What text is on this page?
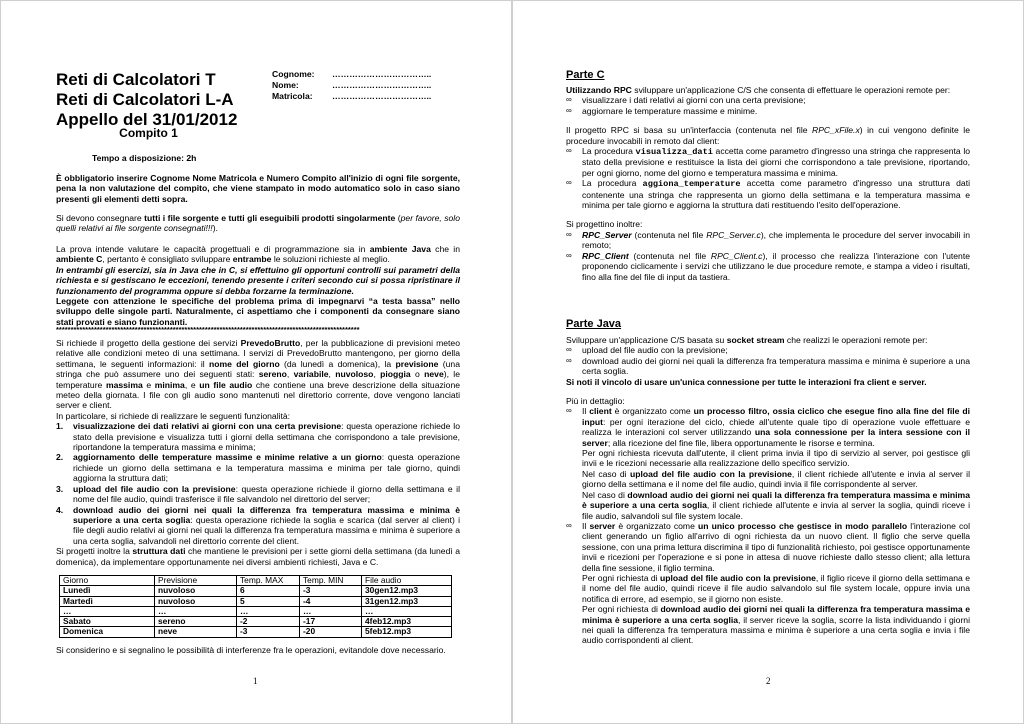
Reti di Calcolatori T
Reti di Calcolatori L-A
Appello del 31/01/2012
Compito 1
Cognome: ……………………………..
Nome:	……………………………..
Matricola: ……………………………..
Tempo a disposizione: 2h
È obbligatorio inserire Cognome Nome Matricola e Numero Compito all'inizio di ogni file sorgente, pena la non valutazione del compito, che viene stampato in modo automatico solo in caso siano presenti gli elementi detti sopra.
Si devono consegnare tutti i file sorgente e tutti gli eseguibili prodotti singolarmente (per favore, solo quelli relativi ai file sorgente consegnati!!!).
La prova intende valutare le capacità progettuali e di programmazione sia in ambiente Java che in ambiente C, pertanto è consigliato sviluppare entrambe le soluzioni richieste al meglio.
In entrambi gli esercizi, sia in Java che in C, si effettuino gli opportuni controlli sui parametri della richiesta e si gestiscano le eccezioni, tenendo presente i criteri secondo cui si possa ripristinare il funzionamento del programma oppure si debba forzarne la terminazione.
Leggete con attenzione le specifiche del problema prima di impegnarvi “a testa bassa” nello sviluppo delle singole parti. Naturalmente, ci aspettiamo che i componenti da consegnare siano stati provati e siano funzionanti.
********************************************************************************************************
Si richiede il progetto della gestione dei servizi PrevedoBrutto, per la pubblicazione di previsioni meteo relative alle condizioni meteo di una settimana. I servizi di PrevedoBrutto mantengono, per giorno della settimana, le seguenti informazioni: il nome del giorno (da lunedì a domenica), la previsione (una stringa che può assumere uno dei seguenti stati: sereno, variabile, nuvoloso, pioggia o neve), le temperature massima e minima, e un file audio che contiene una breve descrizione della situazione meteo della giornata. I file con gli audio sono mantenuti nel direttorio corrente, dove vengono lanciati server e client.
In particolare, si richiede di realizzare le seguenti funzionalità:
1. visualizzazione dei dati relativi ai giorni con una certa previsione: questa operazione richiede lo stato della previsione e visualizza tutti i giorni della settimana che corrispondono a tale previsione, riportandone la temperatura massima e minima;
2. aggiornamento delle temperature massime e minime relative a un giorno: questa operazione richiede un giorno della settimana e la temperatura massima e minima per tale giorno, quindi aggiorna la struttura dati;
3. upload del file audio con la previsione: questa operazione richiede il giorno della settimana e il nome del file audio, quindi trasferisce il file salvandolo nel direttorio del server;
4. download audio dei giorni nei quali la differenza fra temperatura massima e minima è superiore a una certa soglia: questa operazione richiede la soglia e scarica (dal server al client) i file degli audio relativi ai giorni nei quali la differenza fra temperatura massima e minima è superiore a una certa soglia, salvandoli nel direttorio corrente del client.
Si progetti inoltre la struttura dati che mantiene le previsioni per i sette giorni della settimana (da lunedì a domenica), da implementare opportunamente nei diversi ambienti richiesti, Java e C.
Giorno	Previsione	Temp. MAX	Temp. MIN	File audio
Lunedì	nuvoloso	6	-3	30gen12.mp3
Martedì	nuvoloso	5	-4	31gen12.mp3
…	…	…	…	…
Sabato	sereno	-2	-17	4feb12.mp3
Domenica	neve	-3	-20	5feb12.mp3
Si considerino e si segnalino le possibilità di interferenze fra le operazioni, evitandole dove necessario.
1
Parte C
Utilizzando RPC sviluppare un'applicazione C/S che consenta di effettuare le operazioni remote per:
∞ visualizzare i dati relativi ai giorni con una certa previsione;
∞ aggiornare le temperature massime e minime.
Il progetto RPC si basa su un'interfaccia (contenuta nel file RPC_xFile.x) in cui vengono definite le procedure invocabili in remoto dal client:
∞ La procedura visualizza_dati accetta come parametro d'ingresso una stringa che rappresenta lo stato della previsione e restituisce la lista dei giorni che corrispondono a tale previsione, riportando, per ogni giorno, nome del giorno e temperatura massima e minima.
∞ La procedura aggiona_temperature accetta come parametro d'ingresso una struttura dati contenente una stringa che rappresenta un giorno della settimana e la temperatura massima e minima per tale giorno e aggiorna la struttura dati restituendo l'esito dell'operazione.
Si progettino inoltre:
∞ RPC_Server (contenuta nel file RPC_Server.c), che implementa le procedure del server invocabili in remoto;
∞ RPC_Client (contenuta nel file RPC_Client.c), il processo che realizza l'interazione con l'utente proponendo ciclicamente i servizi che utilizzano le due procedure remote, e stampa a video i risultati, fino alla fine del file di input da tastiera.
Parte Java
Sviluppare un'applicazione C/S basata su socket stream che realizzi le operazioni remote per:
∞ upload del file audio con la previsione;
∞ download audio dei giorni nei quali la differenza fra temperatura massima e minima è superiore a una certa soglia.
Si noti il vincolo di usare un'unica connessione per tutte le interazioni fra client e server.
Più in dettaglio:
∞ Il client è organizzato come un processo filtro, ossia ciclico che esegue fino alla fine del file di input: per ogni iterazione del ciclo, chiede all'utente quale tipo di operazione vuole effettuare e realizza le interazioni col server utilizzando una sola connessione per la intera sessione con il server; alla ricezione del fine file, libera opportunamente le risorse e termina.
Per ogni richiesta ricevuta dall'utente, il client prima invia il tipo di servizio al server, poi gestisce gli invii e le ricezioni necessarie alla realizzazione dello specifico servizio.
Nel caso di upload del file audio con la previsione, il client richiede all'utente e invia al server il giorno della settimana e il nome del file audio, quindi invia il file corrispondente al server.
Nel caso di download audio dei giorni nei quali la differenza fra temperatura massima e minima è superiore a una certa soglia, il client richiede all'utente e invia al server la soglia, quindi riceve i file audio, salvandoli sul file system locale.
∞ Il server è organizzato come un unico processo che gestisce in modo parallelo l'interazione col client generando un figlio all'arrivo di ogni richiesta da un nuovo client. Il figlio che serve quella sessione, con una prima lettura discrimina il tipo di funzionalità richiesto, poi gestisce opportunamente invii e ricezioni per l'operazione e si pone in attesa di nuove richieste dallo stesso client; alla lettura della fine sessione, il figlio termina.
Per ogni richiesta di upload del file audio con la previsione, il figlio riceve il giorno della settimana e il nome del file audio, quindi riceve il file audio salvandolo sul file system locale, oppure invia una notifica di errore, ad esempio, se il giorno non esiste.
Per ogni richiesta di download audio dei giorni nei quali la differenza fra temperatura massima e minima è superiore a una certa soglia, il server riceve la soglia, scorre la lista individuando i giorni nei quali la differenza fra temperatura massima e minima è superiore a una certa soglia e invia i file audio corrispondenti al client.
2
